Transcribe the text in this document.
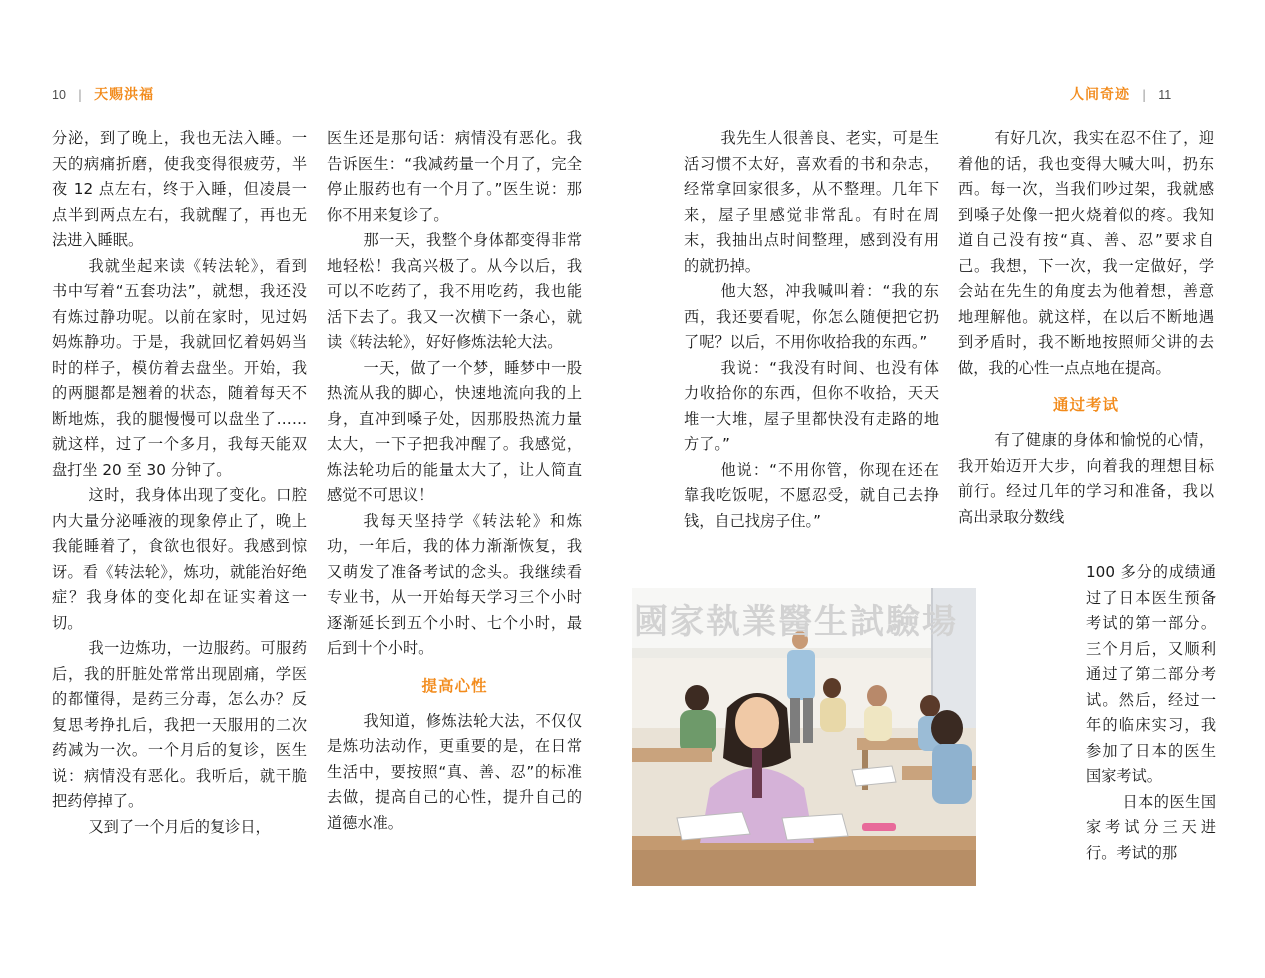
10 | 天赐洪福

分泌，到了晚上，我也无法入睡。一天的病痛折磨，使我变得很疲劳，半夜 12 点左右，终于入睡，但凌晨一点半到两点左右，我就醒了，再也无法进入睡眠。

我就坐起来读《转法轮》，看到书中写着“五套功法”，就想，我还没有炼过静功呢。以前在家时，见过妈妈炼静功。于是，我就回忆着妈妈当时的样子，模仿着去盘坐。开始，我的两腿都是翘着的状态，随着每天不断地炼，我的腿慢慢可以盘坐了……就这样，过了一个多月，我每天能双盘打坐 20 至 30 分钟了。

这时，我身体出现了变化。口腔内大量分泌唾液的现象停止了，晚上我能睡着了，食欲也很好。我感到惊讶。看《转法轮》，炼功，就能治好绝症？我身体的变化却在证实着这一切。

我一边炼功，一边服药。可服药后，我的肝脏处常常出现剧痛，学医的都懂得，是药三分毒，怎么办？反复思考挣扎后，我把一天服用的二次药减为一次。一个月后的复诊，医生说：病情没有恶化。我听后，就干脆把药停掉了。

又到了一个月后的复诊日，

医生还是那句话：病情没有恶化。我告诉医生：“我减药量一个月了，完全停止服药也有一个月了。”医生说：那你不用来复诊了。

那一天，我整个身体都变得非常地轻松！我高兴极了。从今以后，我可以不吃药了，我不用吃药，我也能活下去了。我又一次横下一条心，就读《转法轮》，好好修炼法轮大法。

一天，做了一个梦，睡梦中一股热流从我的脚心，快速地流向我的上身，直冲到嗓子处，因那股热流力量太大，一下子把我冲醒了。我感觉，炼法轮功后的能量太大了，让人简直感觉不可思议！

我每天坚持学《转法轮》和炼功，一年后，我的体力渐渐恢复，我又萌发了准备考试的念头。我继续看专业书，从一开始每天学习三个小时逐渐延长到五个小时、七个小时，最后到十个小时。

提高心性

我知道，修炼法轮大法，不仅仅是炼功法动作，更重要的是，在日常生活中，要按照“真、善、忍”的标准去做，提高自己的心性，提升自己的道德水准。

人间奇迹 | 11

我先生人很善良、老实，可是生活习惯不太好，喜欢看的书和杂志，经常拿回家很多，从不整理。几年下来，屋子里感觉非常乱。有时在周末，我抽出点时间整理，感到没有用的就扔掉。

他大怒，冲我喊叫着：“我的东西，我还要看呢，你怎么随便把它扔了呢？以后，不用你收拾我的东西。”

我说：“我没有时间、也没有体力收拾你的东西，但你不收拾，天天堆一大堆，屋子里都快没有走路的地方了。”

他说：“不用你管，你现在还在靠我吃饭呢，不愿忍受，就自己去挣钱，自己找房子住。”

有好几次，我实在忍不住了，迎着他的话，我也变得大喊大叫，扔东西。每一次，当我们吵过架，我就感到嗓子处像一把火烧着似的疼。我知道自己没有按“真、善、忍”要求自己。我想，下一次，我一定做好，学会站在先生的角度去为他着想，善意地理解他。就这样，在以后不断地遇到矛盾时，我不断地按照师父讲的去做，我的心性一点点地在提高。

通过考试

有了健康的身体和愉悦的心情，我开始迈开大步，向着我的理想目标前行。经过几年的学习和准备，我以高出录取分数线

國家執業醫生試驗場

100 多分的成绩通过了日本医生预备考试的第一部分。三个月后，又顺利通过了第二部分考试。然后，经过一年的临床实习，我参加了日本的医生国家考试。

日本的医生国家考试分三天进行。考试的那
